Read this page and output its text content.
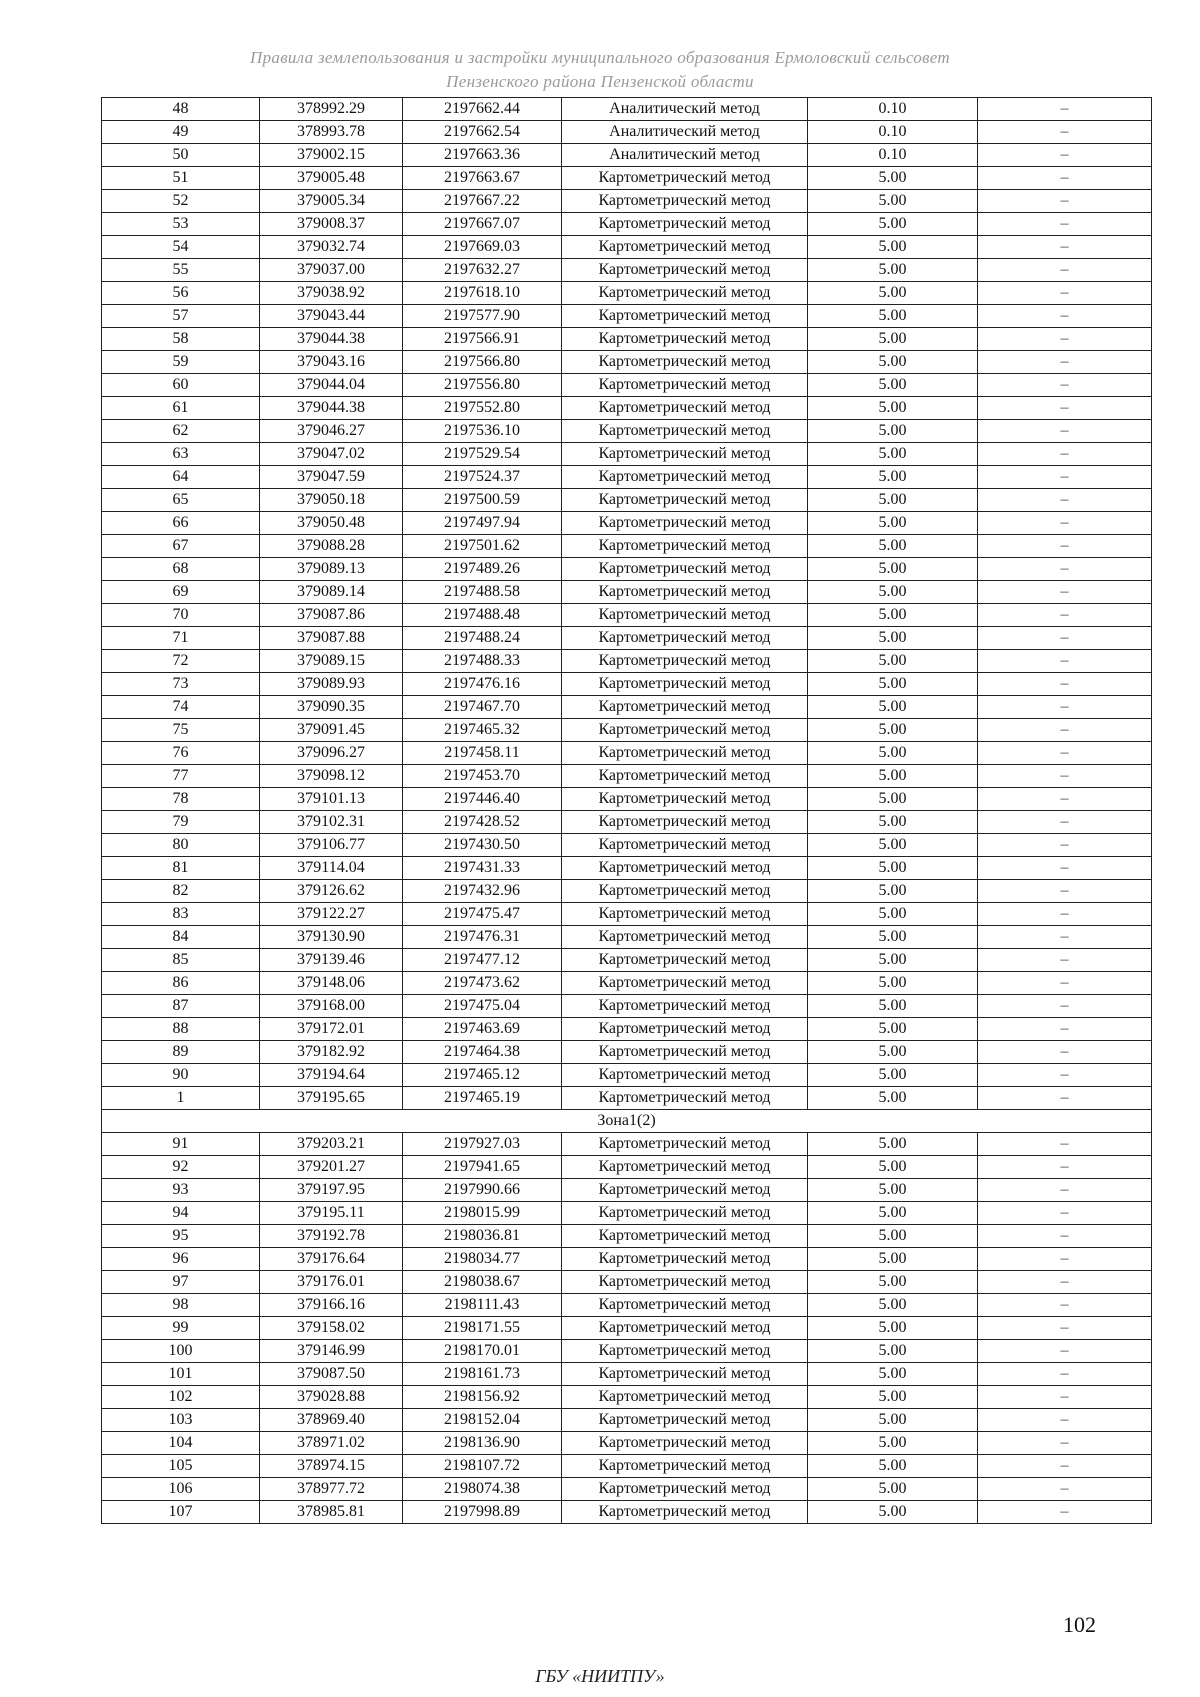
Правила землепользования и застройки муниципального образования Ермоловский сельсовет
Пензенского района Пензенской области
48	378992.29	2197662.44	Аналитический метод	0.10	–
49	378993.78	2197662.54	Аналитический метод	0.10	–
50	379002.15	2197663.36	Аналитический метод	0.10	–
51	379005.48	2197663.67	Картометрический метод	5.00	–
52	379005.34	2197667.22	Картометрический метод	5.00	–
53	379008.37	2197667.07	Картометрический метод	5.00	–
54	379032.74	2197669.03	Картометрический метод	5.00	–
55	379037.00	2197632.27	Картометрический метод	5.00	–
56	379038.92	2197618.10	Картометрический метод	5.00	–
57	379043.44	2197577.90	Картометрический метод	5.00	–
58	379044.38	2197566.91	Картометрический метод	5.00	–
59	379043.16	2197566.80	Картометрический метод	5.00	–
60	379044.04	2197556.80	Картометрический метод	5.00	–
61	379044.38	2197552.80	Картометрический метод	5.00	–
62	379046.27	2197536.10	Картометрический метод	5.00	–
63	379047.02	2197529.54	Картометрический метод	5.00	–
64	379047.59	2197524.37	Картометрический метод	5.00	–
65	379050.18	2197500.59	Картометрический метод	5.00	–
66	379050.48	2197497.94	Картометрический метод	5.00	–
67	379088.28	2197501.62	Картометрический метод	5.00	–
68	379089.13	2197489.26	Картометрический метод	5.00	–
69	379089.14	2197488.58	Картометрический метод	5.00	–
70	379087.86	2197488.48	Картометрический метод	5.00	–
71	379087.88	2197488.24	Картометрический метод	5.00	–
72	379089.15	2197488.33	Картометрический метод	5.00	–
73	379089.93	2197476.16	Картометрический метод	5.00	–
74	379090.35	2197467.70	Картометрический метод	5.00	–
75	379091.45	2197465.32	Картометрический метод	5.00	–
76	379096.27	2197458.11	Картометрический метод	5.00	–
77	379098.12	2197453.70	Картометрический метод	5.00	–
78	379101.13	2197446.40	Картометрический метод	5.00	–
79	379102.31	2197428.52	Картометрический метод	5.00	–
80	379106.77	2197430.50	Картометрический метод	5.00	–
81	379114.04	2197431.33	Картометрический метод	5.00	–
82	379126.62	2197432.96	Картометрический метод	5.00	–
83	379122.27	2197475.47	Картометрический метод	5.00	–
84	379130.90	2197476.31	Картометрический метод	5.00	–
85	379139.46	2197477.12	Картометрический метод	5.00	–
86	379148.06	2197473.62	Картометрический метод	5.00	–
87	379168.00	2197475.04	Картометрический метод	5.00	–
88	379172.01	2197463.69	Картометрический метод	5.00	–
89	379182.92	2197464.38	Картометрический метод	5.00	–
90	379194.64	2197465.12	Картометрический метод	5.00	–
1	379195.65	2197465.19	Картометрический метод	5.00	–
Зона1(2)					
91	379203.21	2197927.03	Картометрический метод	5.00	–
92	379201.27	2197941.65	Картометрический метод	5.00	–
93	379197.95	2197990.66	Картометрический метод	5.00	–
94	379195.11	2198015.99	Картометрический метод	5.00	–
95	379192.78	2198036.81	Картометрический метод	5.00	–
96	379176.64	2198034.77	Картометрический метод	5.00	–
97	379176.01	2198038.67	Картометрический метод	5.00	–
98	379166.16	2198111.43	Картометрический метод	5.00	–
99	379158.02	2198171.55	Картометрический метод	5.00	–
100	379146.99	2198170.01	Картометрический метод	5.00	–
101	379087.50	2198161.73	Картометрический метод	5.00	–
102	379028.88	2198156.92	Картометрический метод	5.00	–
103	378969.40	2198152.04	Картометрический метод	5.00	–
104	378971.02	2198136.90	Картометрический метод	5.00	–
105	378974.15	2198107.72	Картометрический метод	5.00	–
106	378977.72	2198074.38	Картометрический метод	5.00	–
107	378985.81	2197998.89	Картометрический метод	5.00	–
102
ГБУ «НИИТПУ»
